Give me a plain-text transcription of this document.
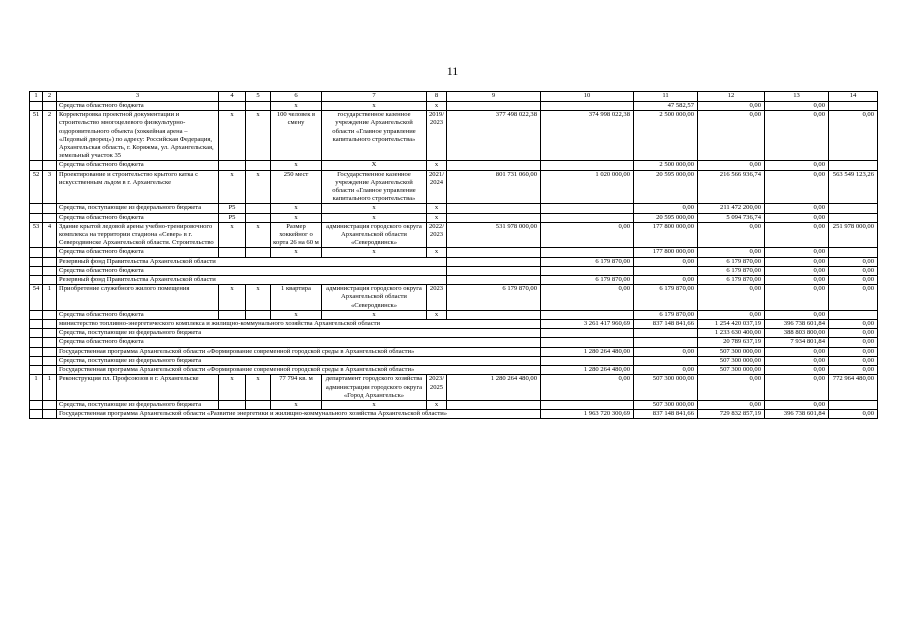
11
1	2	3	4	5	6	7	8	9	10	11	12	13	14	
		Средства областного бюджета			x	x	x			47 582,57	0,00	0,00		
51	2	Корректировка проектной документации и строительство многоцелевого физкультурно-оздоровительного объекта (хоккейная арена – «Ледовый дворец») по адресу: Российская Федерация, Архангельская область, г. Коряжма, ул. Архангельская, земельный участок 35	x	x	100 человек в смену	государственное казенное учреждение Архангельской области «Главное управление капитального строительства»	2019/ 2023	377 498 022,38	374 998 022,38	2 500 000,00	0,00	0,00	0,00	
		Средства областного бюджета			x	X	x			2 500 000,00	0,00	0,00		
52	3	Проектирование и строительство крытого катка с искусственным льдом в г. Архангельске	x	x	250 мест	Государственное казенное учреждение Архангельской области «Главное управление капитального строительства»	2021/ 2024	801 731 060,00	1 020 000,00	20 595 000,00	216 566 936,74	0,00	563 549 123,26	
		Средства, поступающие из федерального бюджета	Р5		x	x	x			0,00	211 472 200,00	0,00		
		Средства областного бюджета	Р5		x	x	x			20 595 000,00	5 094 736,74	0,00		
53	4	Здание крытой ледовой арены учебно-тренировочного комплекса на территории стадиона «Север» в г. Северодвинске Архангельской области. Строительство	x	x	Размер хоккейног о корта 26 на 60 м	администрация городского округа Архангельской области «Северодвинск»	2022/ 2023	531 978 000,00	0,00	177 800 000,00	0,00	0,00	251 978 000,00	
		Средства областного бюджета			x	x	x			177 800 000,00	0,00	0,00		
		Резервный фонд Правительства Архангельской области							6 179 870,00	0,00	6 179 870,00	0,00	0,00	
		Средства областного бюджета									6 179 870,00	0,00	0,00	
		Резервный фонд Правительства Архангельской области							6 179 870,00	0,00	6 179 870,00	0,00	0,00	
54	1	Приобретение служебного жилого помещения	x	x	1 квартира	администрация городского округа Архангельской области «Северодвинск»	2023	6 179 870,00	0,00	6 179 870,00	0,00	0,00	0,00	
		Средства областного бюджета			x	x	x			6 179 870,00	0,00	0,00		
		министерство топливно-энергетического комплекса и жилищно-коммунального хозяйства Архангельской области							3 261 417 960,69	837 148 841,66	1 254 420 037,19	396 738 601,84	0,00	
		Средства, поступающие из федерального бюджета									1 233 630 400,00	388 803 800,00	0,00	
		Средства областного бюджета									20 789 637,19	7 934 801,84	0,00	
		Государственная программа Архангельской области «Формирование современной городской среды в Архангельской области»							1 280 264 480,00	0,00	507 300 000,00	0,00	0,00	
		Средства, поступающие из федерального бюджета									507 300 000,00	0,00	0,00	
		Государственная программа Архангельской области «Формирование современной городской среды в Архангельской области»							1 280 264 480,00	0,00	507 300 000,00	0,00	0,00	
1	1	Реконструкция пл. Профсоюзов в г. Архангельске	x	x	77 794 кв. м	департамент городского хозяйства администрации городского округа «Город Архангельск»	2023/ 2025	1 280 264 480,00	0,00	507 300 000,00	0,00	0,00	772 964 480,00	
		Средства, поступающие из федерального бюджета			x	x	x			507 300 000,00	0,00	0,00		
		Государственная программа Архангельской области «Развитие энергетики и жилищно-коммунального хозяйства Архангельской области»							1 963 720 300,69	837 148 841,66	729 832 857,19	396 738 601,84	0,00	
